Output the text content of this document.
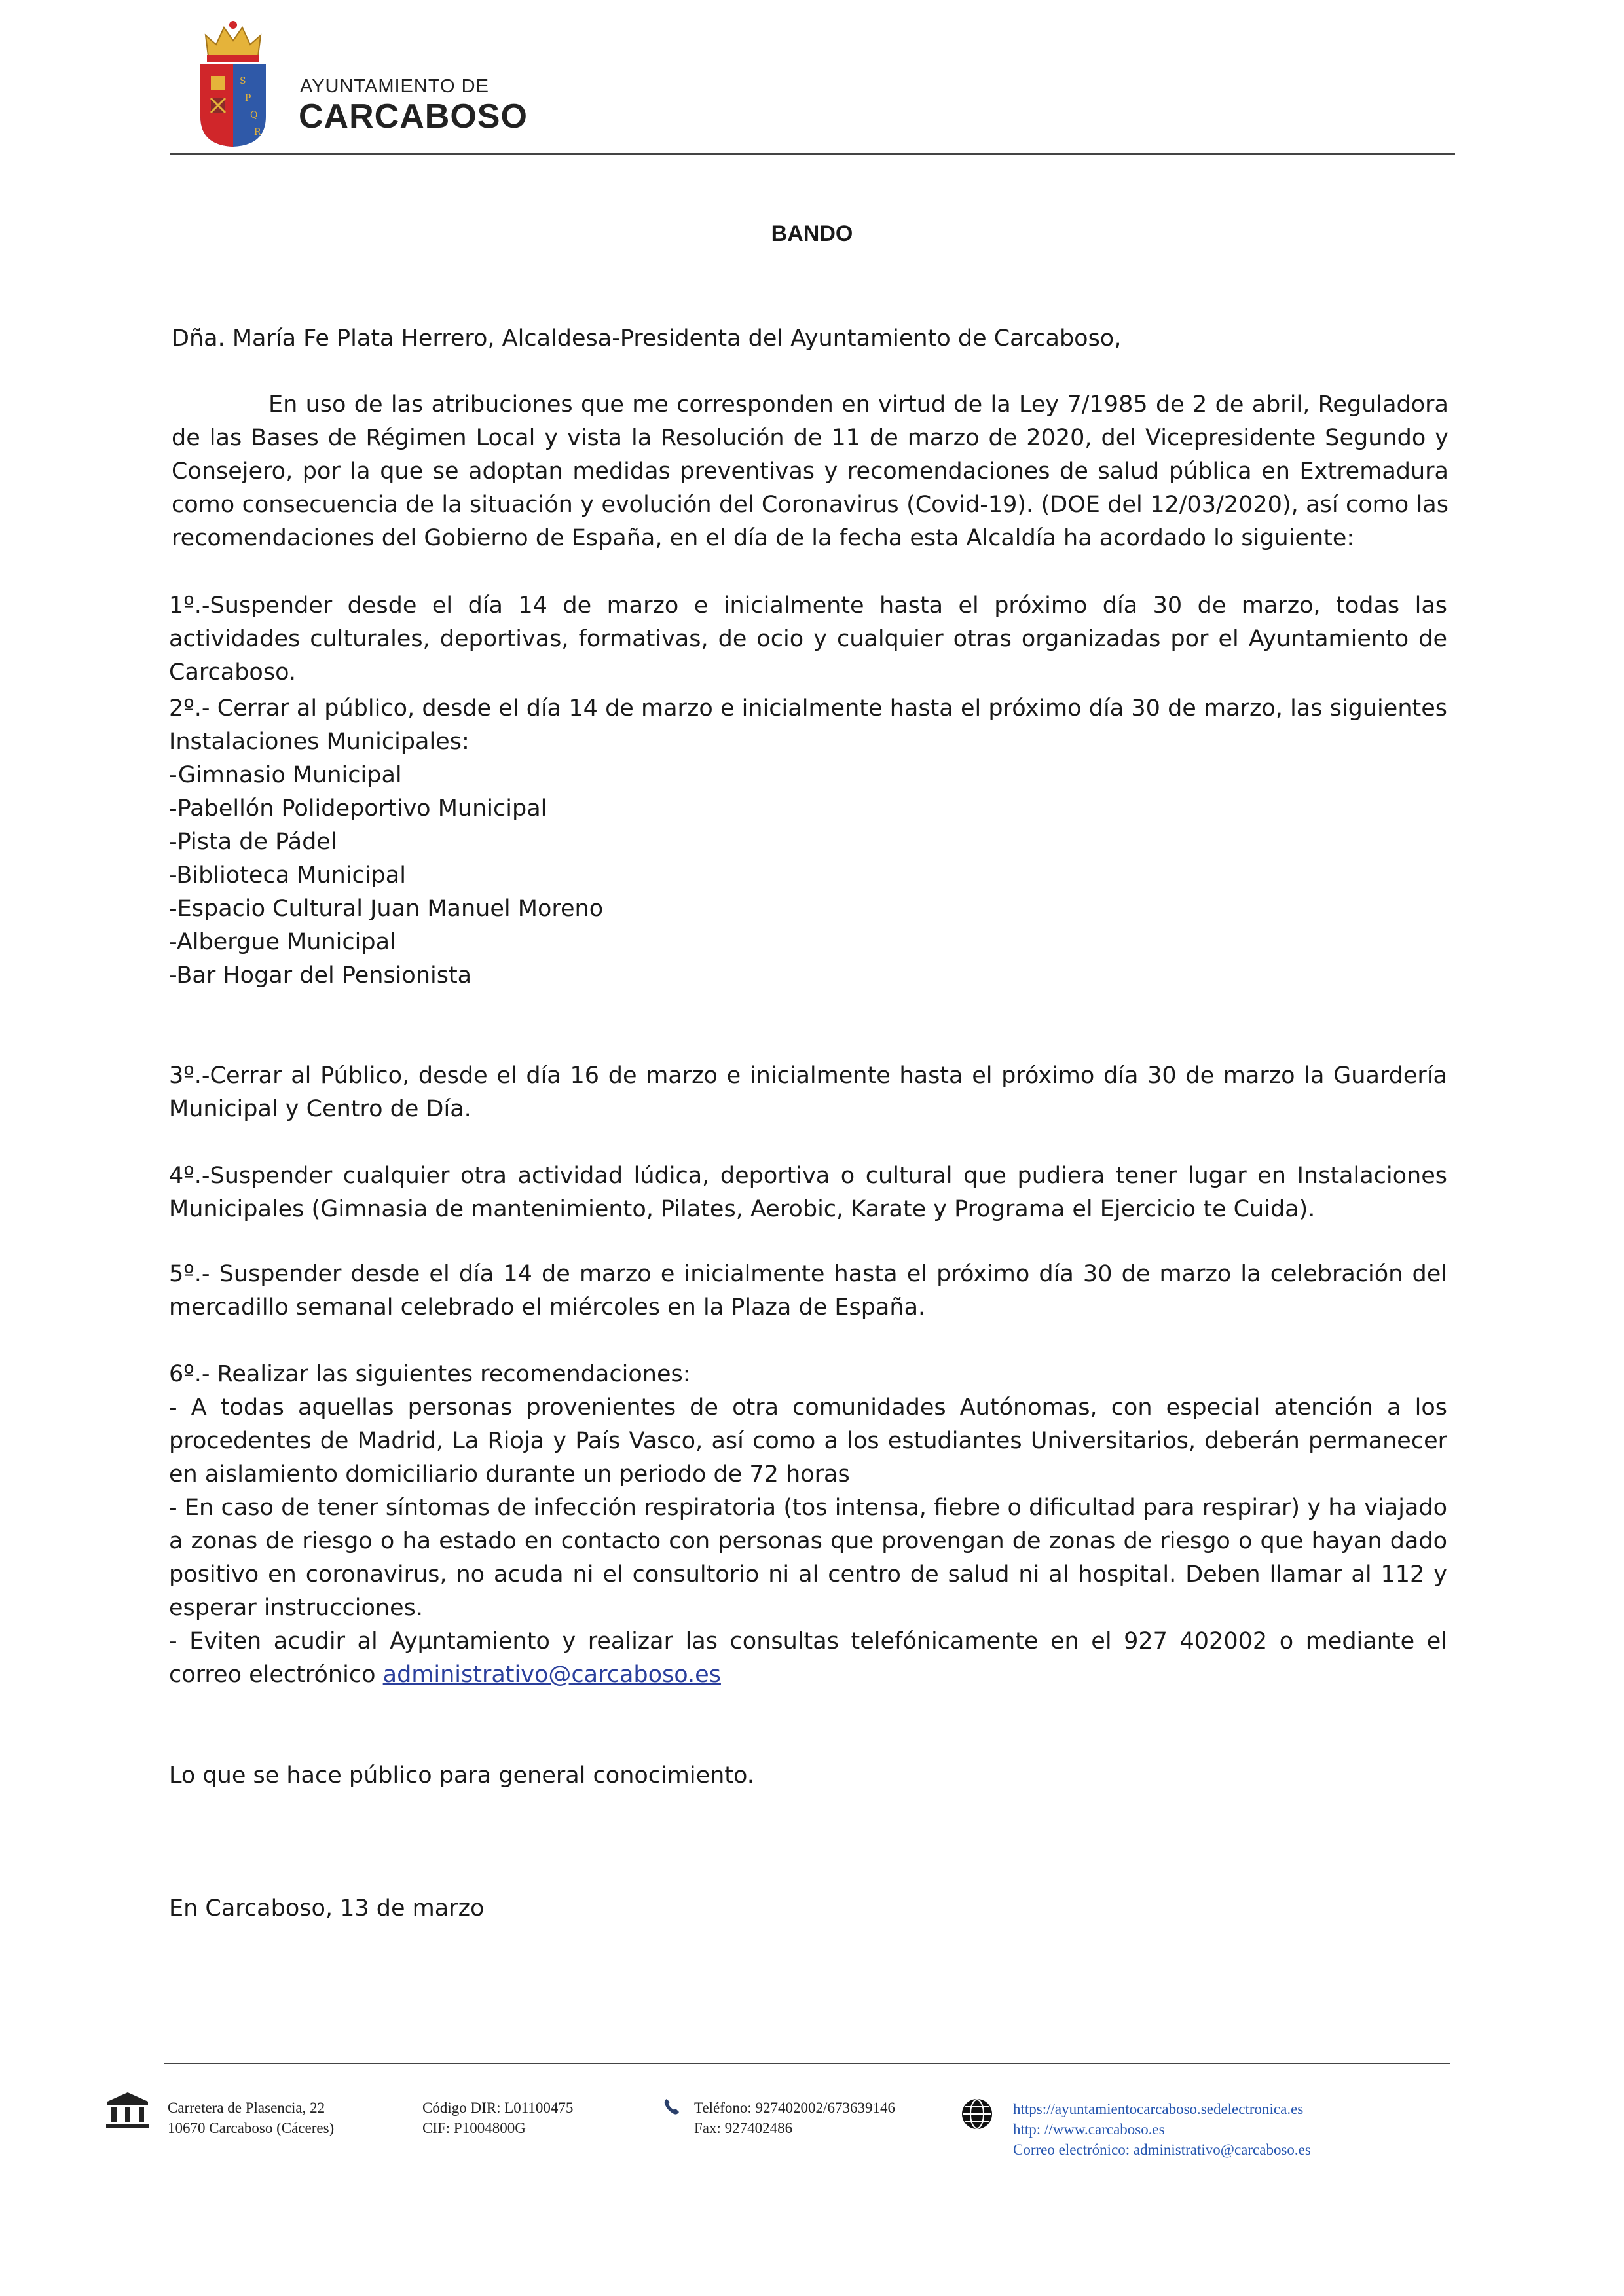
S
P
Q
R
AYUNTAMIENTO DE
CARCABOSO
BANDO
Dña. María Fe Plata Herrero, Alcaldesa-Presidenta del Ayuntamiento de Carcaboso,
En uso de las atribuciones que me corresponden en virtud de la Ley 7/1985 de 2 de abril, Reguladora de las Bases de Régimen Local y vista la Resolución de 11 de marzo de 2020, del Vicepresidente Segundo y Consejero, por la que se adoptan medidas preventivas y recomendaciones de salud pública en Extremadura como consecuencia de la situación y evolución del Coronavirus (Covid-19). (DOE del 12/03/2020), así como las recomendaciones del Gobierno de España, en el día de la fecha esta Alcaldía ha acordado lo siguiente:
1º.-Suspender desde el día 14 de marzo e inicialmente hasta el próximo día 30 de marzo, todas las actividades culturales, deportivas, formativas, de ocio y cualquier otras organizadas por el Ayuntamiento de Carcaboso.

2º.- Cerrar al público, desde el día 14 de marzo e inicialmente hasta el próximo día 30 de marzo, las siguientes Instalaciones Municipales:

-Gimnasio Municipal
-Pabellón Polideportivo Municipal
-Pista de Pádel
-Biblioteca Municipal
-Espacio Cultural Juan Manuel Moreno
-Albergue Municipal
-Bar Hogar del Pensionista
3º.-Cerrar al Público, desde el día 16 de marzo e inicialmente hasta el próximo día 30 de marzo la Guardería Municipal y Centro de Día.
4º.-Suspender cualquier otra actividad lúdica, deportiva o cultural que pudiera tener lugar en Instalaciones Municipales (Gimnasia de mantenimiento, Pilates, Aerobic, Karate y Programa el Ejercicio te Cuida).
5º.- Suspender desde el día 14 de marzo e inicialmente hasta el próximo día 30 de marzo la celebración del mercadillo semanal celebrado el miércoles en la Plaza de España.

6º.- Realizar las siguientes recomendaciones:

- A todas aquellas personas provenientes de otra comunidades Autónomas, con especial atención a los procedentes de Madrid, La Rioja y País Vasco, así como a los estudiantes Universitarios, deberán permanecer en aislamiento domiciliario durante un periodo de 72 horas

- En caso de tener síntomas de infección respiratoria (tos intensa, fiebre o dificultad para respirar) y ha viajado a zonas de riesgo o ha estado en contacto con personas que provengan de zonas de riesgo o que hayan dado positivo en coronavirus, no acuda ni el consultorio ni al centro de salud ni al hospital. Deben llamar al 112 y esperar instrucciones.

- Eviten acudir al Ayµntamiento y realizar las consultas telefónicamente en el 927 402002 o mediante el correo electrónico administrativo@carcaboso.es

Lo que se hace público para general conocimiento.
En Carcaboso, 13 de marzo
Carretera de Plasencia, 22
10670 Carcaboso (Cáceres)
Código DIR: L01100475
CIF: P1004800G
Teléfono: 927402002/673639146
Fax: 927402486
https://ayuntamientocarcaboso.sedelectronica.es
http: //www.carcaboso.es
Correo electrónico: administrativo@carcaboso.es
